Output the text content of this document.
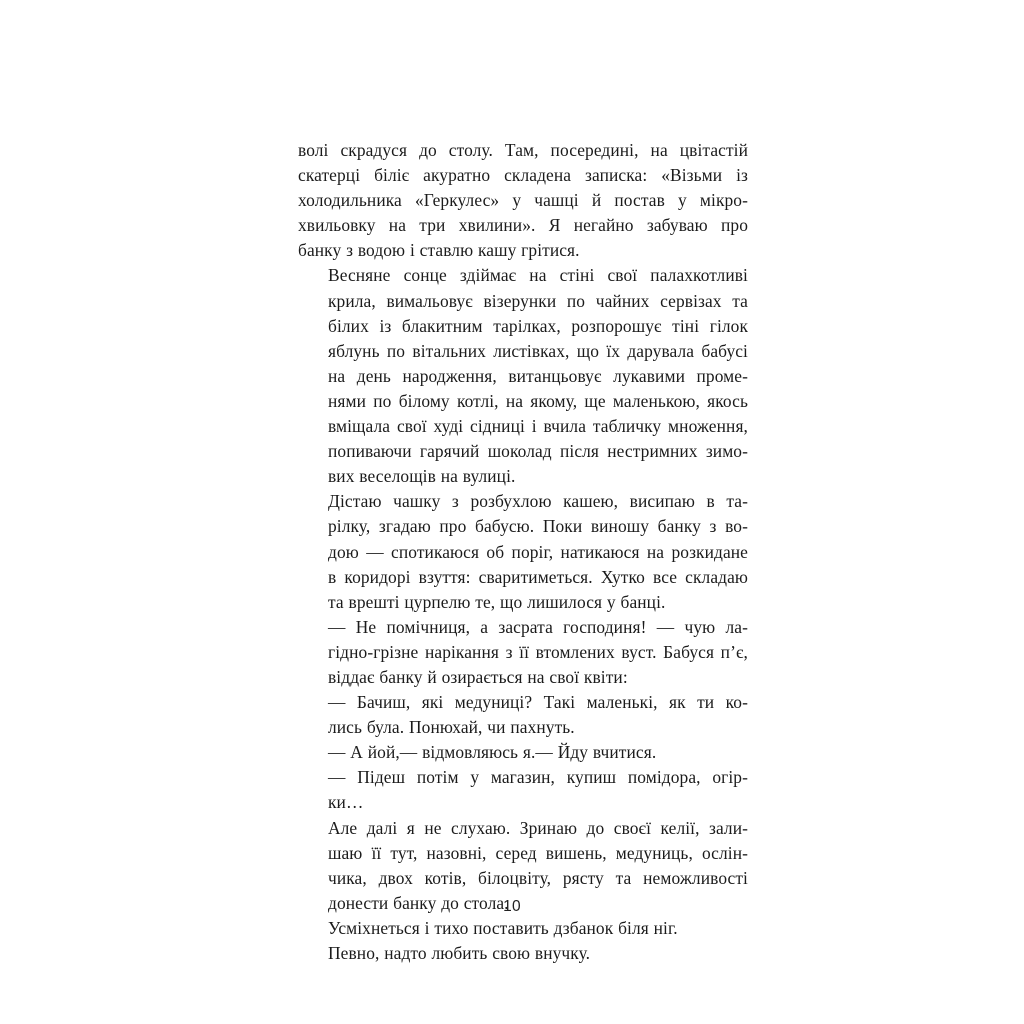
волі скрадуся до столу. Там, посередині, на цвітастій
скатерці біліє акуратно складена записка: «Візьми із
холодильника «Геркулес» у чашці й постав у мікро-
хвильовку на три хвилини». Я негайно забуваю про
банку з водою і ставлю кашу грітися.

Весняне сонце здіймає на стіні свої палахкотливі
крила, вимальовує візерунки по чайних сервізах та
білих із блакитним тарілках, розпорошує тіні гілок
яблунь по вітальних листівках, що їх дарувала бабусі
на день народження, витанцьовує лукавими проме-
нями по білому котлі, на якому, ще маленькою, якось
вміщала свої худі сідниці і вчила табличку множення,
попиваючи гарячий шоколад після нестримних зимо-
вих веселощів на вулиці.

Дістаю чашку з розбухлою кашею, висипаю в та-
рілку, згадаю про бабусю. Поки виношу банку з во-
дою — спотикаюся об поріг, натикаюся на розкидане
в коридорі взуття: сваритиметься. Хутко все складаю
та врешті цурпелю те, що лишилося у банці.

— Не помічниця, а засрата господиня! — чую ла-
гідно-грізне нарікання з її втомлених вуст. Бабуся п’є,
віддає банку й озирається на свої квіти:

— Бачиш, які медуниці? Такі маленькі, як ти ко-
лись була. Понюхай, чи пахнуть.

— А йой,— відмовляюсь я.— Йду вчитися.

— Підеш потім у магазин, купиш помідора, огір-
ки…

Але далі я не слухаю. Зринаю до своєї келії, зали-
шаю її тут, назовні, серед вишень, медуниць, ослін-
чика, двох котів, білоцвіту, рясту та неможливості
донести банку до стола.

Усміхнеться і тихо поставить дзбанок біля ніг.

Певно, надто любить свою внучку.

10
